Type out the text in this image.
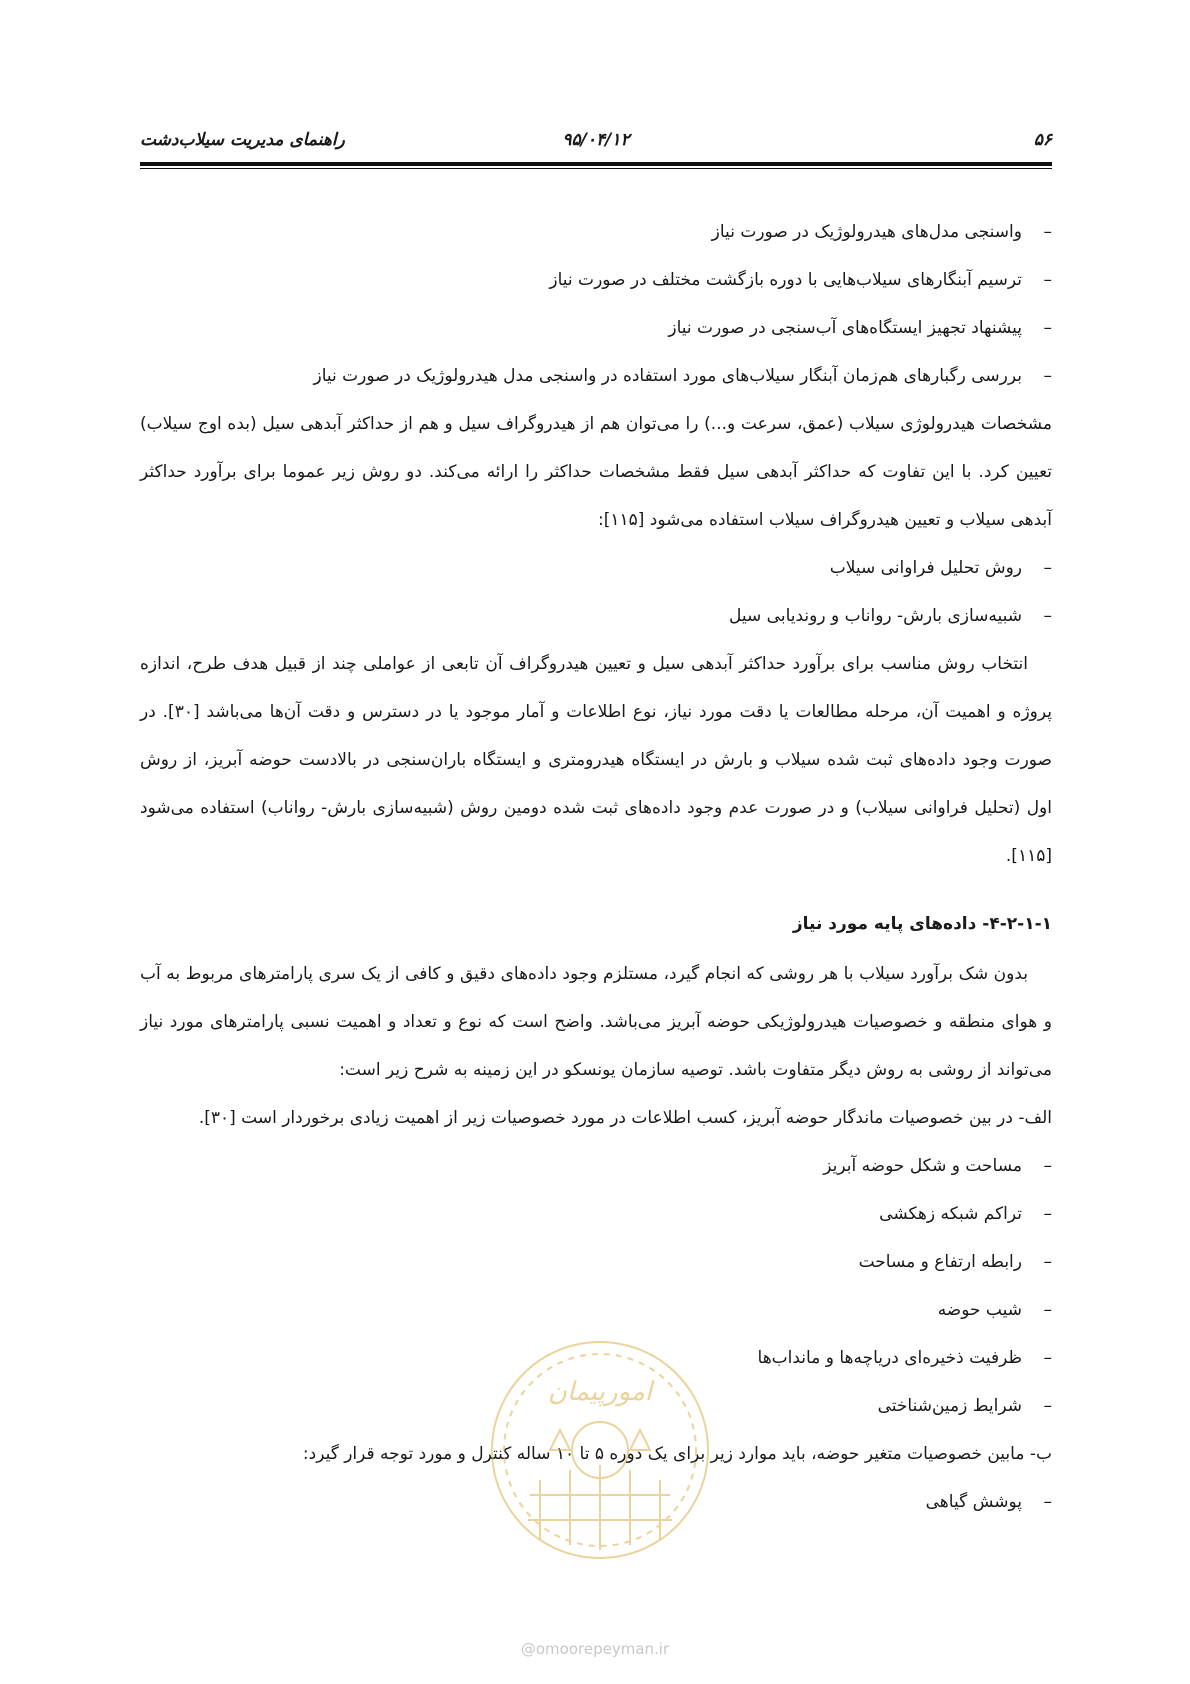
۵۶
۹۵/۰۴/۱۲
راهنمای مدیریت سیلاب‌دشت
–
واسنجی مدل‌های هیدرولوژیک در صورت نیاز
–
ترسیم آبنگارهای سیلاب‌هایی با دوره بازگشت مختلف در صورت نیاز
–
پیشنهاد تجهیز ایستگاه‌های آب‌سنجی در صورت نیاز
–
بررسی رگبارهای هم‌زمان آبنگار سیلاب‌های مورد استفاده در واسنجی مدل هیدرولوژیک در صورت نیاز

مشخصات هیدرولوژی سیلاب (عمق، سرعت و...) را می‌توان هم از هیدروگراف سیل و هم از حداکثر آبدهی سیل (بده اوج سیلاب) تعیین کرد. با این تفاوت که حداکثر آبدهی سیل فقط مشخصات حداکثر را ارائه می‌کند. دو روش زیر عموما برای برآورد حداکثر آبدهی سیلاب و تعیین هیدروگراف سیلاب استفاده می‌شود [۱۱۵]:

–
روش تحلیل فراوانی سیلاب
–
شبیه‌سازی بارش- رواناب و روندیابی سیل

انتخاب روش مناسب برای برآورد حداکثر آبدهی سیل و تعیین هیدروگراف آن تابعی از عواملی چند از قبیل هدف طرح، اندازه پروژه و اهمیت آن، مرحله مطالعات یا دقت مورد نیاز، نوع اطلاعات و آمار موجود یا در دسترس و دقت آن‌ها می‌باشد [۳۰]. در صورت وجود داده‌های ثبت شده سیلاب و بارش در ایستگاه هیدرومتری و ایستگاه باران‌سنجی در بالادست حوضه آبریز، از روش اول (تحلیل فراوانی سیلاب) و در صورت عدم وجود داده‌های ثبت شده دومین روش (شبیه‌سازی بارش- رواناب) استفاده می‌شود [۱۱۵].

۴-۲-۱-۱- داده‌های پایه مورد نیاز

بدون شک برآورد سیلاب با هر روشی که انجام گیرد، مستلزم وجود داده‌های دقیق و کافی از یک سری پارامترهای مربوط به آب و هوای منطقه و خصوصیات هیدرولوژیکی حوضه آبریز می‌باشد. واضح است که نوع و تعداد و اهمیت نسبی پارامترهای مورد نیاز می‌تواند از روشی به روش دیگر متفاوت باشد. توصیه سازمان یونسکو در این زمینه به شرح زیر است:

الف- در بین خصوصیات ماندگار حوضه آبریز، کسب اطلاعات در مورد خصوصیات زیر از اهمیت زیادی برخوردار است [۳۰].

–
مساحت و شکل حوضه آبریز
–
تراکم شبکه زهکشی
–
رابطه ارتفاع و مساحت
–
شیب حوضه
–
ظرفیت ذخیره‌ای دریاچه‌ها و مانداب‌ها
–
شرایط زمین‌شناختی

ب- مابین خصوصیات متغیر حوضه، باید موارد زیر برای یک دوره ۵ تا ۱۰ ساله کنترل و مورد توجه قرار گیرد:

–
پوشش گیاهی
امورپیمان
@omoorepeyman.ir
